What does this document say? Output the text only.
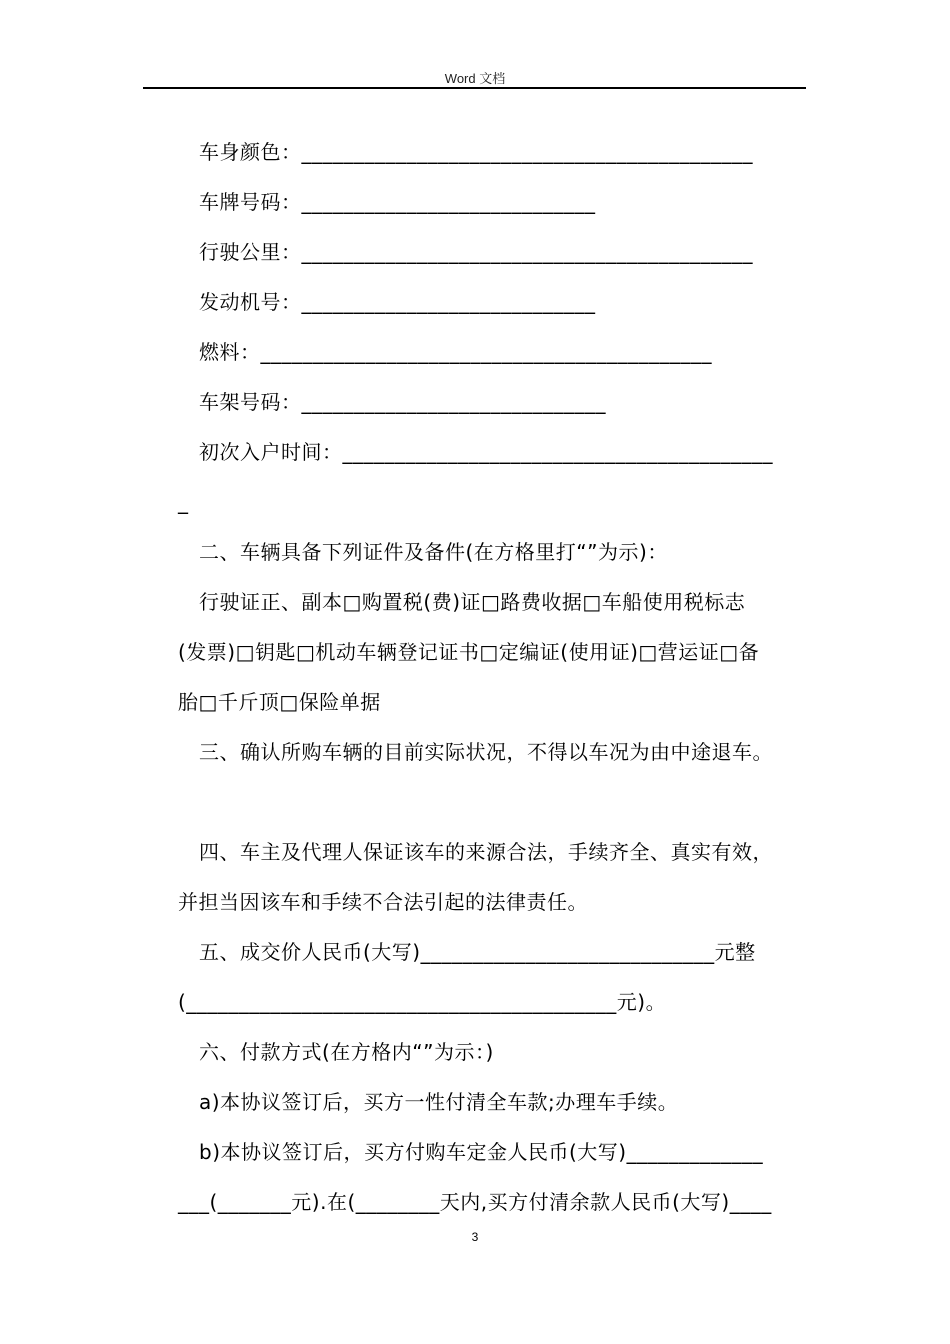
Word 文档
车身颜色：___________________________________________
车牌号码：____________________________
行驶公里：___________________________________________
发动机号：____________________________
燃料：___________________________________________
车架号码：_____________________________
初次入户时间：_________________________________________
_
二、车辆具备下列证件及备件(在方格里打“”为示)：
行驶证正、副本□购置税(费)证□路费收据□车船使用税标志
(发票)□钥匙□机动车辆登记证书□定编证(使用证)□营运证□备
胎□千斤顶□保险单据
三、确认所购车辆的目前实际状况，不得以车况为由中途退车。
四、车主及代理人保证该车的来源合法，手续齐全、真实有效，
并担当因该车和手续不合法引起的法律责任。
五、成交价人民币(大写)____________________________元整
(_________________________________________元)。
六、付款方式(在方格内“”为示：)
a)本协议签订后，买方一性付清全车款;办理车手续。
b)本协议签订后，买方付购车定金人民币(大写)_____________
___(_______元).在(________天内,买方付清余款人民币(大写)____
3
